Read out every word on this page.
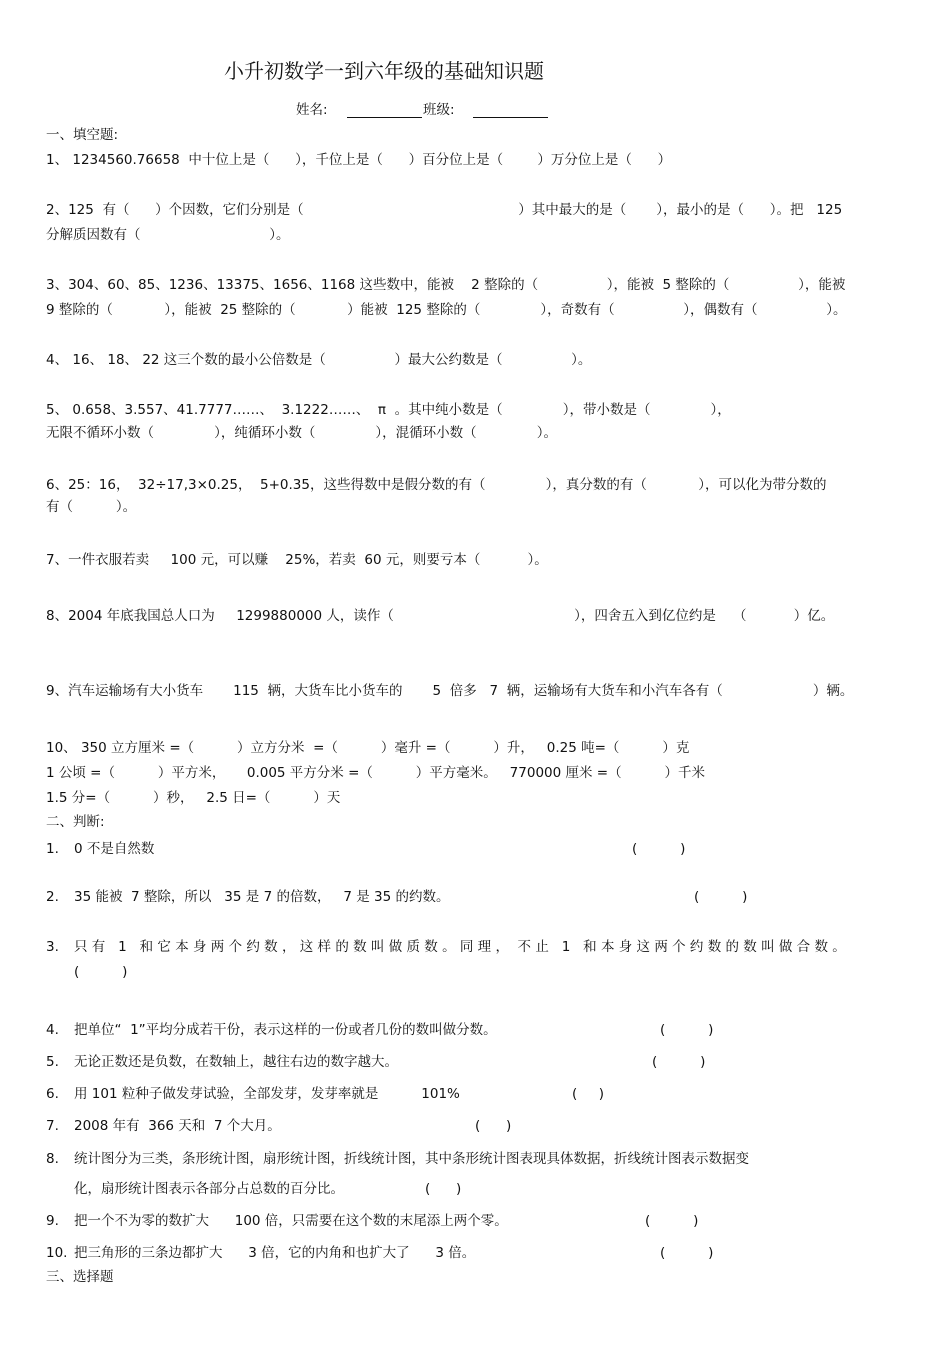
小升初数学一到六年级的基础知识题
姓名:	班级:
一、填空题:
1、 1234560.76658  中十位上是（      ），千位上是（      ）百分位上是（        ）万分位上是（      ）
2、125  有（      ）个因数，它们分别是（                                                  ）其中最大的是（       ），最小的是（      ）。把   125
分解质因数有（                              ）。
3、304、60、85、1236、13375、1656、1168 这些数中，能被    2 整除的（                ），能被  5 整除的（                ），能被
9 整除的（            ），能被  25 整除的（            ）能被  125 整除的（              ），奇数有（                ），偶数有（                ）。
4、 16、 18、 22 这三个数的最小公倍数是（                ）最大公约数是（                ）。
5、 0.658、3.557、41.7777……、  3.1222……、  π  。其中纯小数是（              ），带小数是（              ），
无限不循环小数（              ），纯循环小数（              ），混循环小数（              ）。
6、25：16，  32÷17,3×0.25，  5+0.35，这些得数中是假分数的有（              ），真分数的有（            ），可以化为带分数的
有（          ）。
7、一件衣服若卖     100 元，可以赚    25%，若卖  60 元，则要亏本（           ）。
8、2004 年底我国总人口为     1299880000 人，读作（                                          ），四舍五入到亿位约是    （           ）亿。
9、汽车运输场有大小货车       115  辆，大货车比小货车的       5  倍多   7  辆，运输场有大货车和小汽车各有（                     ）辆。
10、 350 立方厘米 =（          ）立方分米  =（          ）毫升 =（          ）升，   0.25 吨=（          ）克
1 公顷 =（          ）平方米，     0.005 平方分米 =（          ）平方毫米。   770000 厘米 =（          ）千米
1.5 分=（          ）秒，   2.5 日=（          ）天
二、判断:
1. 0 不是自然数	(          )
2. 35 能被  7 整除，所以   35 是 7 的倍数，   7 是 35 的约数。	(          )
3. 只 有   1   和 它 本 身 两 个 约 数 ， 这 样 的 数 叫 做 质 数 。 同 理 ，  不 止   1   和 本 身 这 两 个 约 数 的 数 叫 做 合 数 。
(          )
4. 把单位“  1”平均分成若干份，表示这样的一份或者几份的数叫做分数。	(          )
5. 无论正数还是负数，在数轴上，越往右边的数字越大。	(          )
6. 用 101 粒种子做发芽试验，全部发芽，发芽率就是          101%	(     )
7. 2008 年有  366 天和  7 个大月。	(      )
8. 统计图分为三类，条形统计图，扇形统计图，折线统计图，其中条形统计图表现具体数据，折线统计图表示数据变
化，扇形统计图表示各部分占总数的百分比。	(      )
9. 把一个不为零的数扩大      100 倍，只需要在这个数的末尾添上两个零。	(          )
10. 把三角形的三条边都扩大      3 倍，它的内角和也扩大了      3 倍。	(          )
三、选择题
